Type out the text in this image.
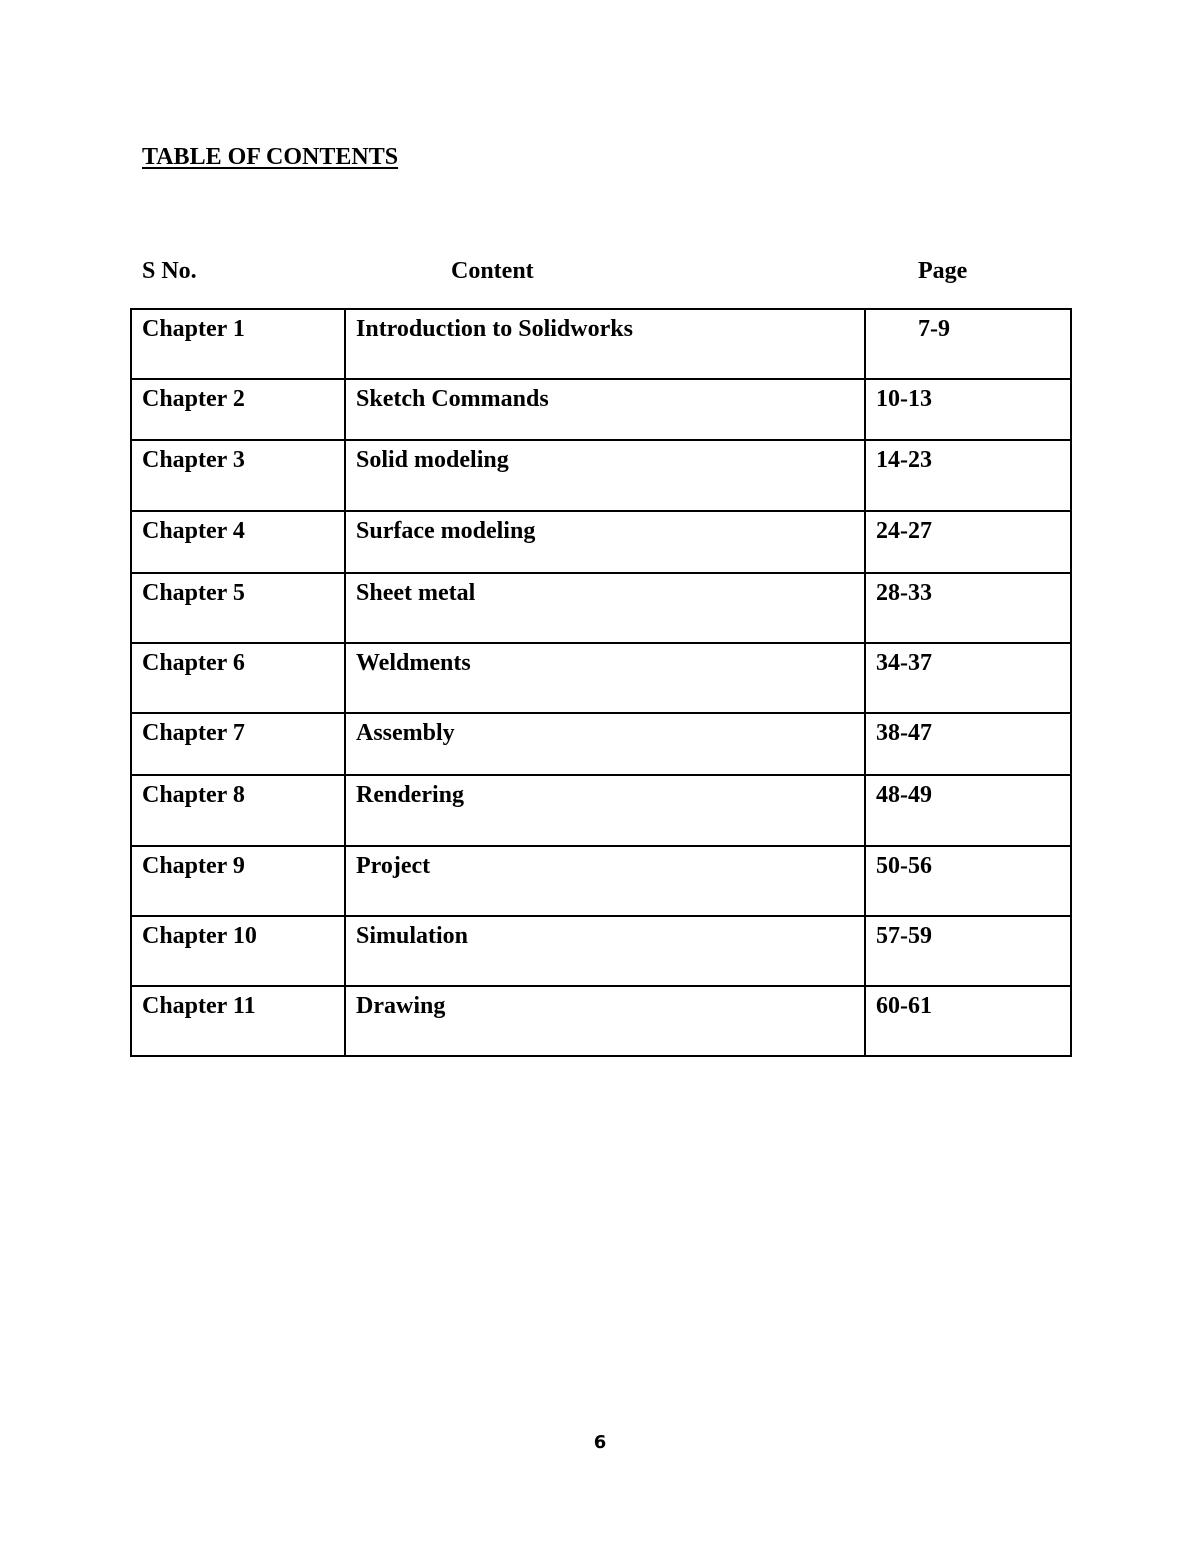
TABLE OF CONTENTS
S No.	Content	Page
Chapter 1	Introduction to Solidworks	7-9
Chapter 2	Sketch Commands	10-13
Chapter 3	Solid modeling	14-23
Chapter 4	Surface modeling	24-27
Chapter 5	Sheet metal	28-33
Chapter 6	Weldments	34-37
Chapter 7	Assembly	38-47
Chapter 8	Rendering	48-49
Chapter 9	Project	50-56
Chapter 10	Simulation	57-59
Chapter 11	Drawing	60-61
6
